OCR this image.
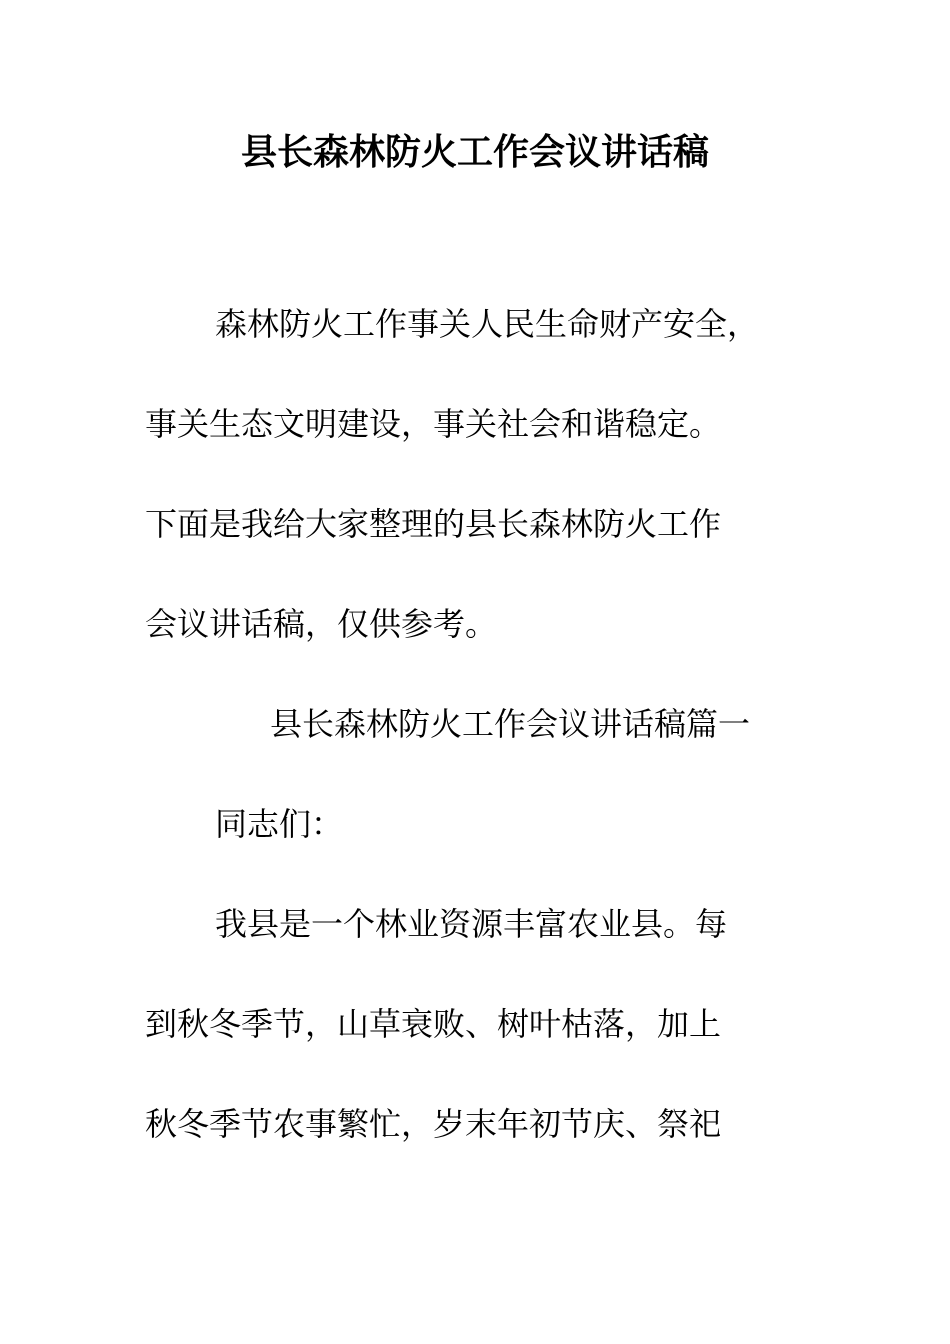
县长森林防火工作会议讲话稿
森林防火工作事关人民生命财产安全，
事关生态文明建设，事关社会和谐稳定。
下面是我给大家整理的县长森林防火工作
会议讲话稿，仅供参考。
县长森林防火工作会议讲话稿篇一
同志们：
我县是一个林业资源丰富农业县。每
到秋冬季节，山草衰败、树叶枯落，加上
秋冬季节农事繁忙，岁末年初节庆、祭祀
